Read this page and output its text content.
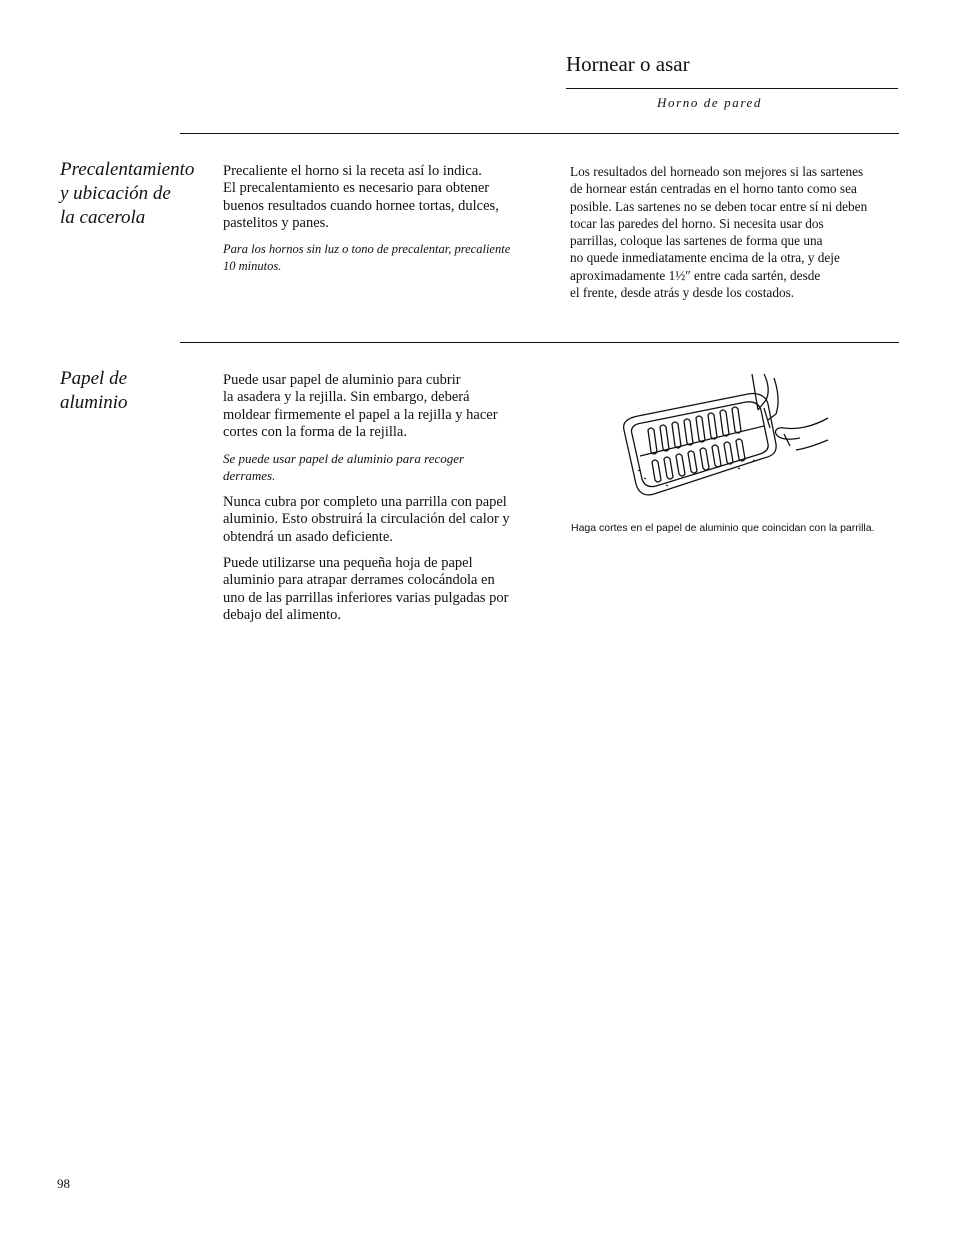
Hornear o asar
Horno de pared
Precalentamiento
y ubicación de
la cacerola
Precaliente el horno si la receta así lo indica.
El precalentamiento es necesario para obtener
buenos resultados cuando hornee tortas, dulces,
pastelitos y panes.
Para los hornos sin luz o tono de precalentar, precaliente
10 minutos.
Los resultados del horneado son mejores si las sartenes
de hornear están centradas en el horno tanto como sea
posible. Las sartenes no se deben tocar entre sí ni deben
tocar las paredes del horno. Si necesita usar dos
parrillas, coloque las sartenes de forma que una
no quede inmediatamente encima de la otra, y deje
aproximadamente 1½″ entre cada sartén, desde
el frente, desde atrás y desde los costados.
Papel de
aluminio
Puede usar papel de aluminio para cubrir
la asadera y la rejilla. Sin embargo, deberá
moldear firmemente el papel a la rejilla y hacer
cortes con la forma de la rejilla.
Se puede usar papel de aluminio para recoger
derrames.
Nunca cubra por completo una parrilla con papel
aluminio. Esto obstruirá la circulación del calor y
obtendrá un asado deficiente.
Puede utilizarse una pequeña hoja de papel
aluminio para atrapar derrames colocándola en
uno de las parrillas inferiores varias pulgadas por
debajo del alimento.
Haga cortes en el papel de aluminio que coincidan con la parrilla.
98
